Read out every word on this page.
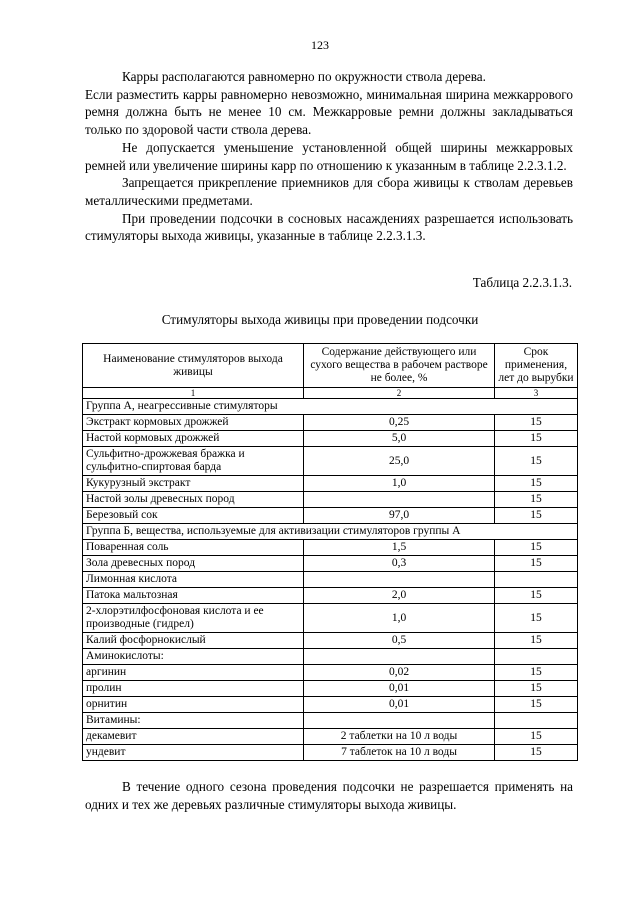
123

Карры располагаются равномерно по окружности ствола дерева.

Если разместить карры равномерно невозможно, минимальная ширина межкаррового ремня должна быть не менее 10 см. Межкарровые ремни должны закладываться только по здоровой части ствола дерева.

Не допускается уменьшение установленной общей ширины межкарровых ремней или увеличение ширины карр по отношению к указанным в таблице 2.2.3.1.2.

Запрещается прикрепление приемников для сбора живицы к стволам деревьев металлическими предметами.

При проведении подсочки в сосновых насаждениях разрешается использовать стимуляторы выхода живицы, указанные в таблице 2.2.3.1.3.

Таблица 2.2.3.1.3.
Стимуляторы выхода живицы при проведении подсочки
Наименование стимуляторов выхода живицы	Содержание действующего или сухого вещества в рабочем растворе не более, %	Срок применения, лет до вырубки
1	2	3
Группа А, неагрессивные стимуляторы		
Экстракт кормовых дрожжей	0,25	15
Настой кормовых дрожжей	5,0	15
Сульфитно-дрожжевая бражка и сульфитно-спиртовая барда	25,0	15
Кукурузный экстракт	1,0	15
Настой золы древесных пород		15
Березовый сок	97,0	15
Группа Б, вещества, используемые для активизации стимуляторов группы А		
Поваренная соль	1,5	15
Зола древесных пород	0,3	15
Лимонная кислота		
Патока мальтозная	2,0	15
2-хлорэтилфосфоновая кислота и ее производные (гидрел)	1,0	15
Калий фосфорнокислый	0,5	15
Аминокислоты:		
аргинин	0,02	15
пролин	0,01	15
орнитин	0,01	15
Витамины:		
декамевит	2 таблетки на 10 л воды	15
ундевит	7 таблеток на 10 л воды	15

В течение одного сезона проведения подсочки не разрешается применять на одних и тех же деревьях различные стимуляторы выхода живицы.
